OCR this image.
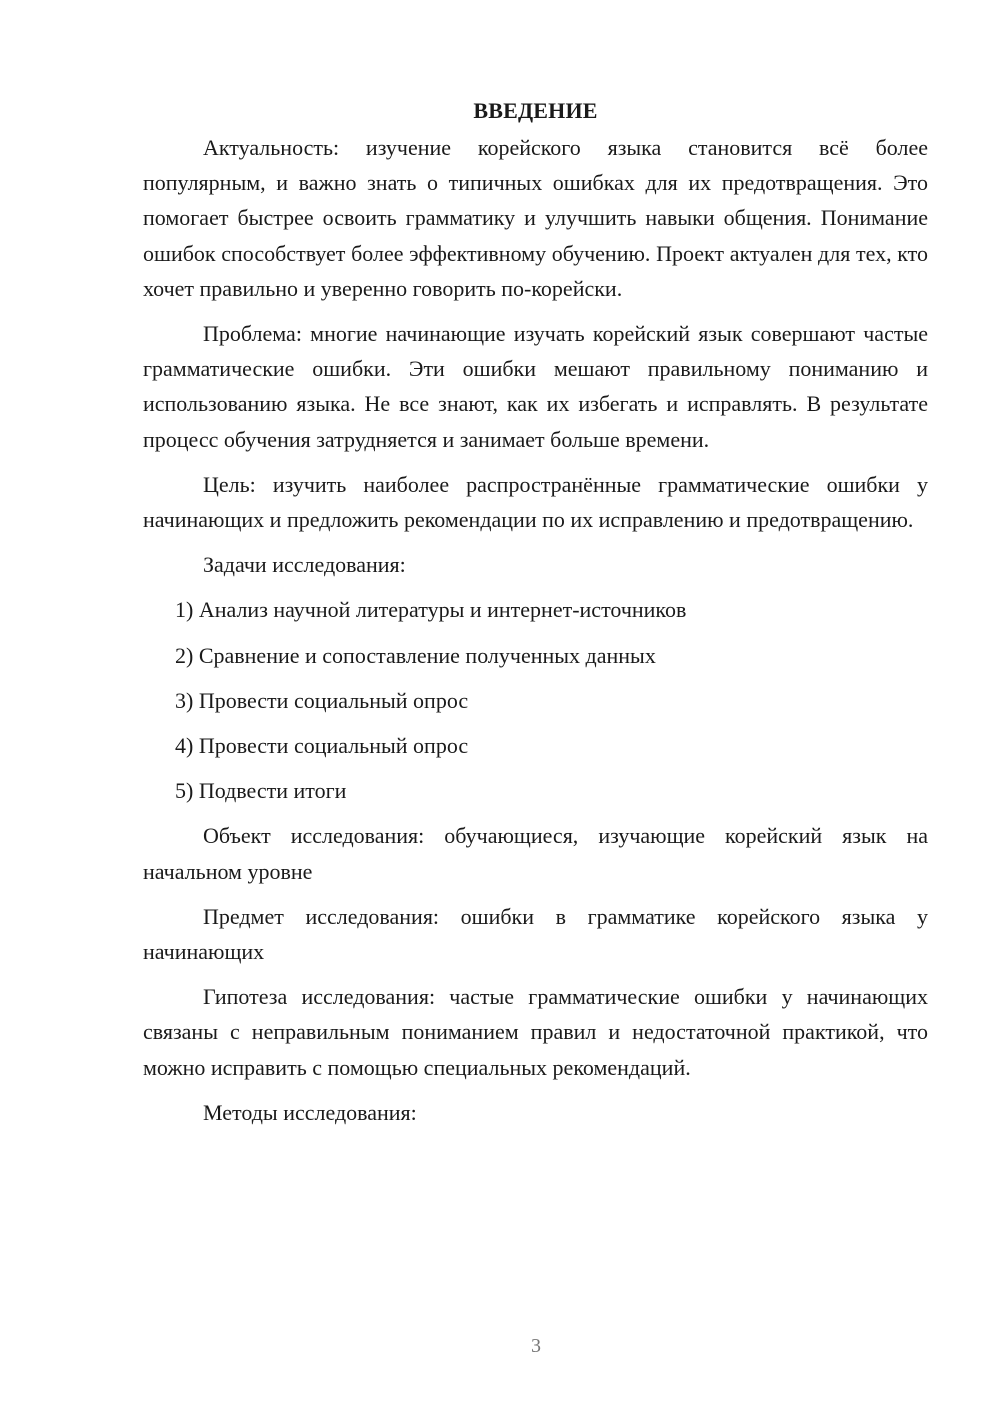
ВВЕДЕНИЕ

Актуальность: изучение корейского языка становится всё более популярным, и важно знать о типичных ошибках для их предотвращения. Это помогает быстрее освоить грамматику и улучшить навыки общения. Понимание ошибок способствует более эффективному обучению. Проект актуален для тех, кто хочет правильно и уверенно говорить по-корейски.

Проблема: многие начинающие изучать корейский язык совершают частые грамматические ошибки. Эти ошибки мешают правильному пониманию и использованию языка. Не все знают, как их избегать и исправлять. В результате процесс обучения затрудняется и занимает больше времени.

Цель: изучить наиболее распространённые грамматические ошибки у начинающих и предложить рекомендации по их исправлению и предотвращению.

Задачи исследования:

1) Анализ научной литературы и интернет-источников
2) Сравнение и сопоставление полученных данных
3) Провести социальный опрос
4) Провести социальный опрос
5) Подвести итоги

Объект исследования: обучающиеся, изучающие корейский язык на начальном уровне

Предмет исследования: ошибки в грамматике корейского языка у начинающих

Гипотеза исследования: частые грамматические ошибки у начинающих связаны с неправильным пониманием правил и недостаточной практикой, что можно исправить с помощью специальных рекомендаций.

Методы исследования:

3
